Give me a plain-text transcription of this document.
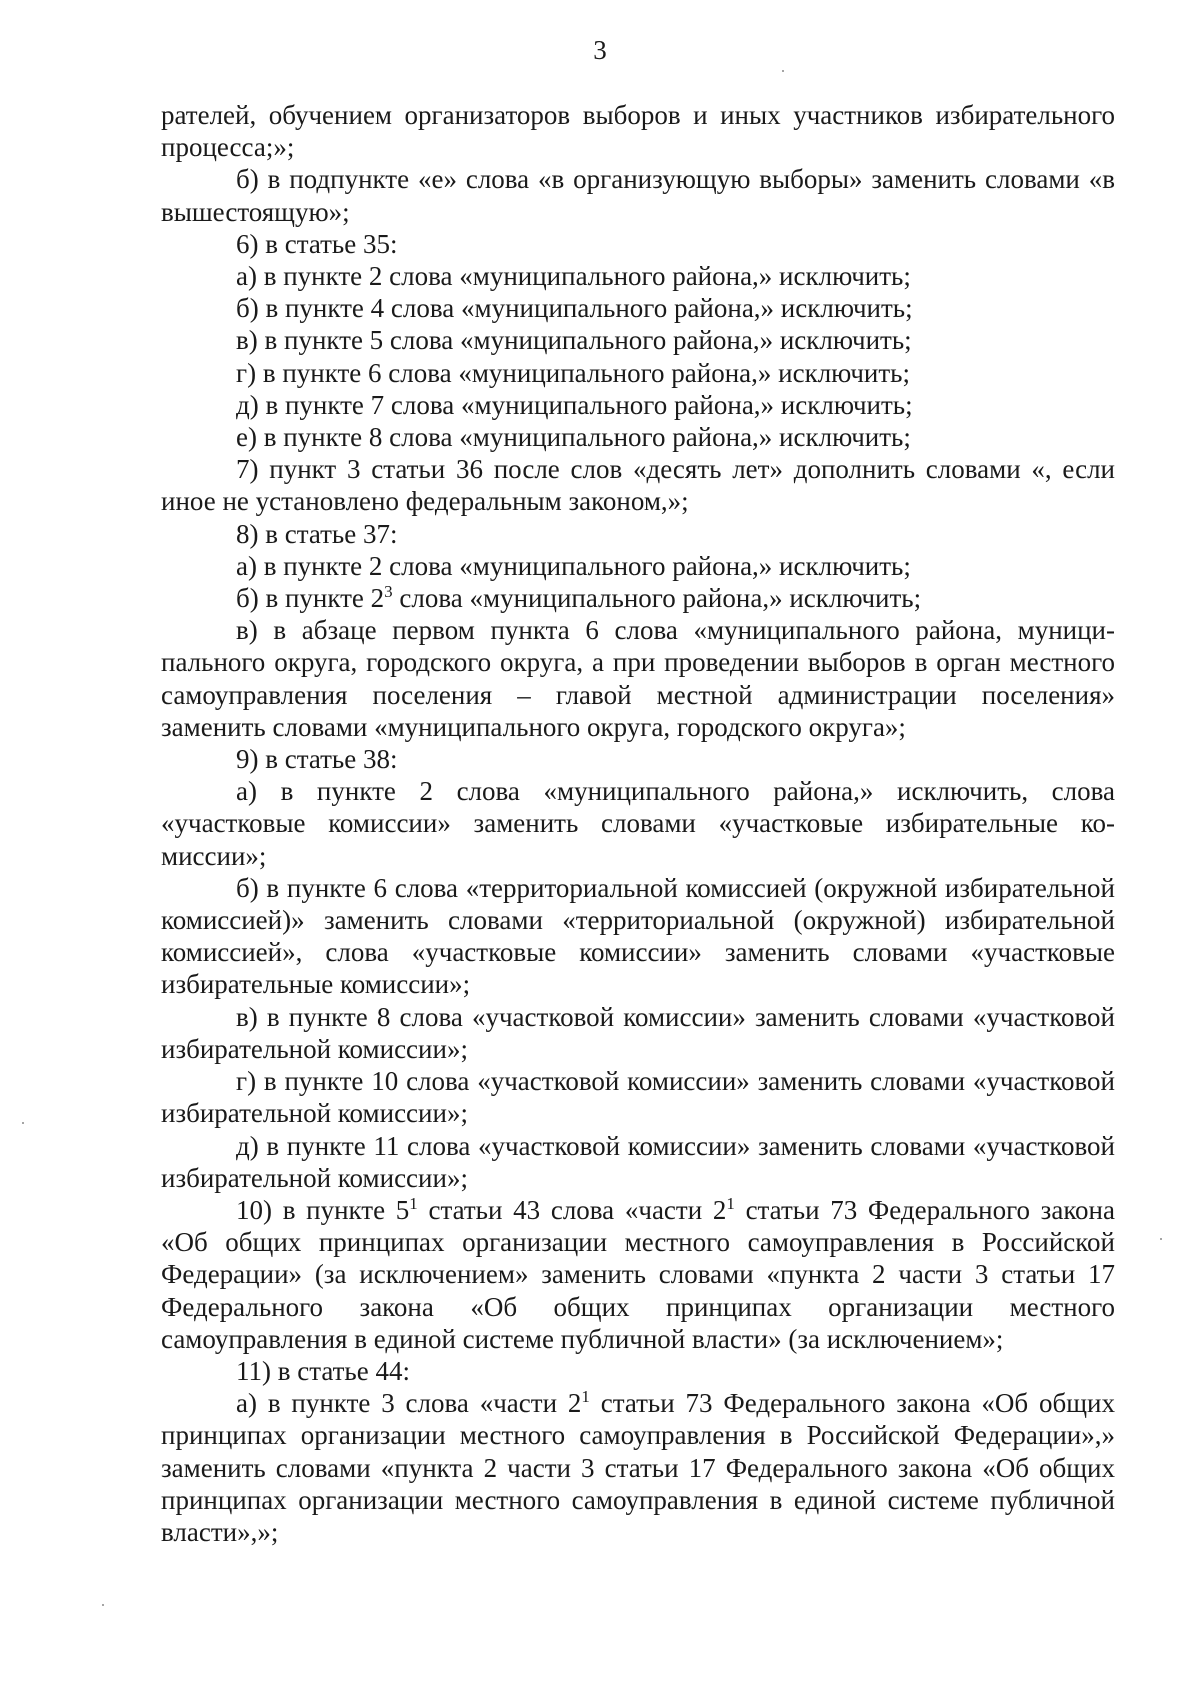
3

рателей, обучением организаторов выборов и иных участников избирательного процесса;»;

б) в подпункте «е» слова «в организующую выборы» заменить словами «в вышестоящую»;

6) в статье 35:

а) в пункте 2 слова «муниципального района,» исключить;

б) в пункте 4 слова «муниципального района,» исключить;

в) в пункте 5 слова «муниципального района,» исключить;

г) в пункте 6 слова «муниципального района,» исключить;

д) в пункте 7 слова «муниципального района,» исключить;

е) в пункте 8 слова «муниципального района,» исключить;

7) пункт 3 статьи 36 после слов «десять лет» дополнить словами «, если иное не установлено федеральным законом,»;

8) в статье 37:

а) в пункте 2 слова «муниципального района,» исключить;

б) в пункте $2^3$ слова «муниципального района,» исключить;

в) в абзаце первом пункта 6 слова «муниципального района, муниципального округа, городского округа, а при проведении выборов в орган местного самоуправления поселения – главой местной администрации поселения» заменить словами «муниципального округа, городского округа»;

9) в статье 38:

а) в пункте 2 слова «муниципального района,» исключить, слова «участковые комиссии» заменить словами «участковые избирательные комиссии»;

б) в пункте 6 слова «территориальной комиссией (окружной избирательной комиссией)» заменить словами «территориальной (окружной) избирательной комиссией», слова «участковые комиссии» заменить словами «участковые избирательные комиссии»;

в) в пункте 8 слова «участковой комиссии» заменить словами «участковой избирательной комиссии»;

г) в пункте 10 слова «участковой комиссии» заменить словами «участковой избирательной комиссии»;

д) в пункте 11 слова «участковой комиссии» заменить словами «участковой избирательной комиссии»;

10) в пункте $5^1$ статьи 43 слова «части $2^1$ статьи 73 Федерального закона «Об общих принципах организации местного самоуправления в Российской Федерации» (за исключением» заменить словами «пункта 2 части 3 статьи 17 Федерального закона «Об общих принципах организации местного самоуправления в единой системе публичной власти» (за исключением»;

11) в статье 44:

а) в пункте 3 слова «части $2^1$ статьи 73 Федерального закона «Об общих принципах организации местного самоуправления в Российской Федерации»,» заменить словами «пункта 2 части 3 статьи 17 Федерального закона «Об общих принципах организации местного самоуправления в единой системе публичной власти»,»;
